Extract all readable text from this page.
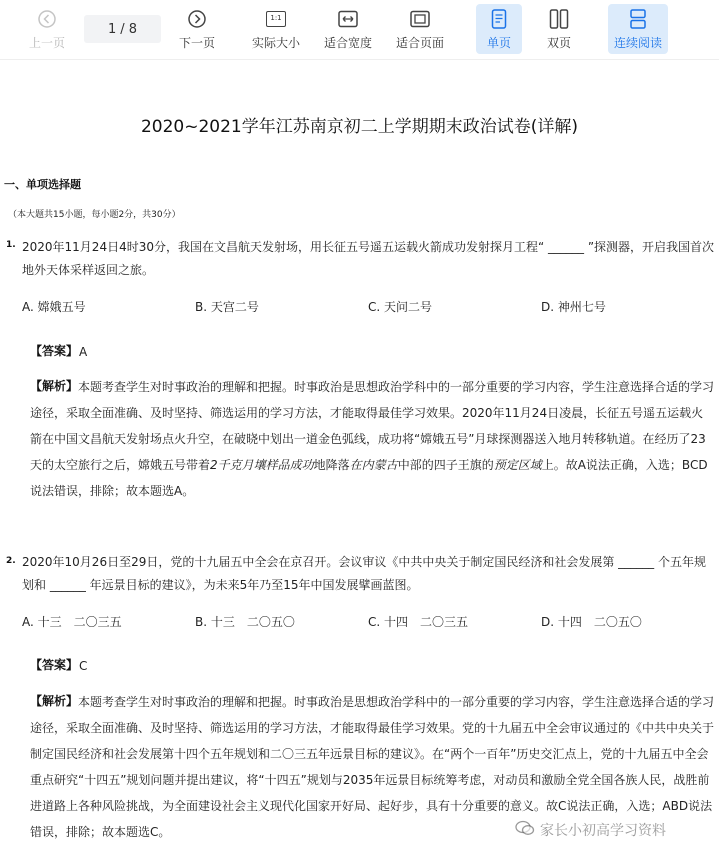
上一页
1 / 8
下一页
1:1
实际大小 适合宽度 适合页面	单页	双页	连续阅读
2020~2021学年江苏南京初二上学期期末政治试卷(详解)
一、单项选择题
（本大题共15小题，每小题2分，共30分）
1. 2020年11月24日4时30分，我国在文昌航天发射场，用长征五号遥五运载火箭成功发射探月工程“ ______ ”探测器，开启我国首次地外天体采样返回之旅。
A. 嫦娥五号	B. 天宫二号	C. 天问二号	D. 神州七号
【答案】 A
【解析】 本题考查学生对时事政治的理解和把握。时事政治是思想政治学科中的一部分重要的学习内容，学生注意选择合适的学习途径，采取全面准确、及时坚持、筛选运用的学习方法，才能取得最佳学习效果。2020年11月24日凌晨，长征五号遥五运载火箭在中国文昌航天发射场点火升空，在破晓中划出一道金色弧线，成功将“嫦娥五号”月球探测器送入地月转移轨道。在经历了23天的太空旅行之后，嫦娥五号带着2千克月壤样品成功地降落在内蒙古中部的四子王旗的预定区域上。故A说法正确，入选；BCD说法错误，排除；故本题选A。
2. 2020年10月26日至29日，党的十九届五中全会在京召开。会议审议《中共中央关于制定国民经济和社会发展第 ______ 个五年规划和 ______ 年远景目标的建议》，为未来5年乃至15年中国发展擘画蓝图。
A. 十三　二〇三五	B. 十三　二〇五〇	C. 十四　二〇三五	D. 十四　二〇五〇
【答案】 C
【解析】 本题考查学生对时事政治的理解和把握。时事政治是思想政治学科中的一部分重要的学习内容，学生注意选择合适的学习途径，采取全面准确、及时坚持、筛选运用的学习方法，才能取得最佳学习效果。党的十九届五中全会审议通过的《中共中央关于制定国民经济和社会发展第十四个五年规划和二〇三五年远景目标的建议》。在“两个一百年”历史交汇点上，党的十九届五中全会重点研究“十四五”规划问题并提出建议，将“十四五”规划与2035年远景目标统筹考虑，对动员和激励全党全国各族人民，战胜前进道路上各种风险挑战，为全面建设社会主义现代化国家开好局、起好步，具有十分重要的意义。故C说法正确，入选；ABD说法错误，排除；故本题选C。	家长小初高学习资料
